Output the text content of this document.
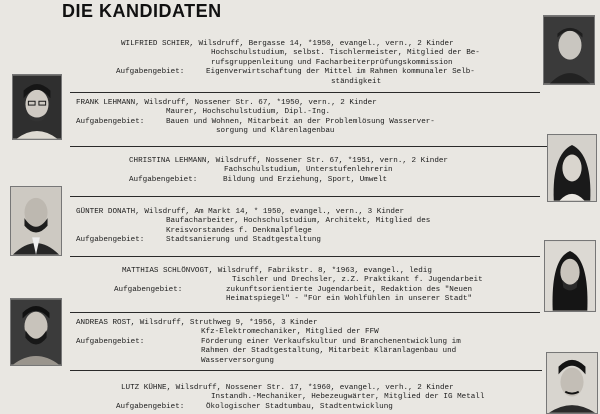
DIE KANDIDATEN
WILFRIED SCHIER, Wilsdruff, Bergasse 14, *1950, evangel., vern., 2 Kinder
Hochschulstudium, selbst. Tischlermeister, Mitglied der Be-
rufsgruppenleitung und Facharbeiterprüfungskommission
Aufgabengebiet:	Eigenverwirtschaftung der Mittel im Rahmen kommunaler Selb-
ständigkeit
FRANK LEHMANN, Wilsdruff, Nossener Str. 67, *1950, vern., 2 Kinder
Maurer, Hochschulstudium, Dipl.-Ing.
Aufgabengebiet:	Bauen und Wohnen, Mitarbeit an der Problemlösung Wasserver-
sorgung und Klärenlagenbau
CHRISTINA LEHMANN, Wilsdruff, Nossener Str. 67, *1951, vern., 2 Kinder
Fachschulstudium, Unterstufenlehrerin
Aufgabengebiet:	Bildung und Erziehung, Sport, Umwelt
GÜNTER DONATH, Wilsdruff, Am Markt 14, * 1950, evangel., vern., 3 Kinder
Baufacharbeiter, Hochschulstudium, Architekt, Mitglied des
Kreisvorstandes f. Denkmalpflege
Aufgabengebiet:	Stadtsanierung und Stadtgestaltung
MATTHIAS SCHLÖNVOGT, Wilsdruff, Fabrikstr. 8, *1963, evangel., ledig
Tischler und Drechsler, z.Z. Praktikant f. Jugendarbeit
Aufgabengebiet:	zukunftsorientierte Jugendarbeit, Redaktion des "Neuen
Heimatspiegel" - "Für ein Wohlfühlen in unserer Stadt"
ANDREAS ROST, Wilsdruff, Struthweg 9, *1956, 3 Kinder
Kfz-Elektromechaniker, Mitglied der FFW
Aufgabengebiet:	Förderung einer Verkaufskultur und Branchenentwicklung im
Rahmen der Stadtgestaltung, Mitarbeit Kläranlagenbau und
Wasserversorgung
LUTZ KÜHNE, Wilsdruff, Nossener Str. 17, *1960, evangel., verh., 2 Kinder
Instandh.-Mechaniker, Hebezeugwärter, Mitglied der IG Metall
Aufgabengebiet:	Ökologischer Stadtumbau, Stadtentwicklung
